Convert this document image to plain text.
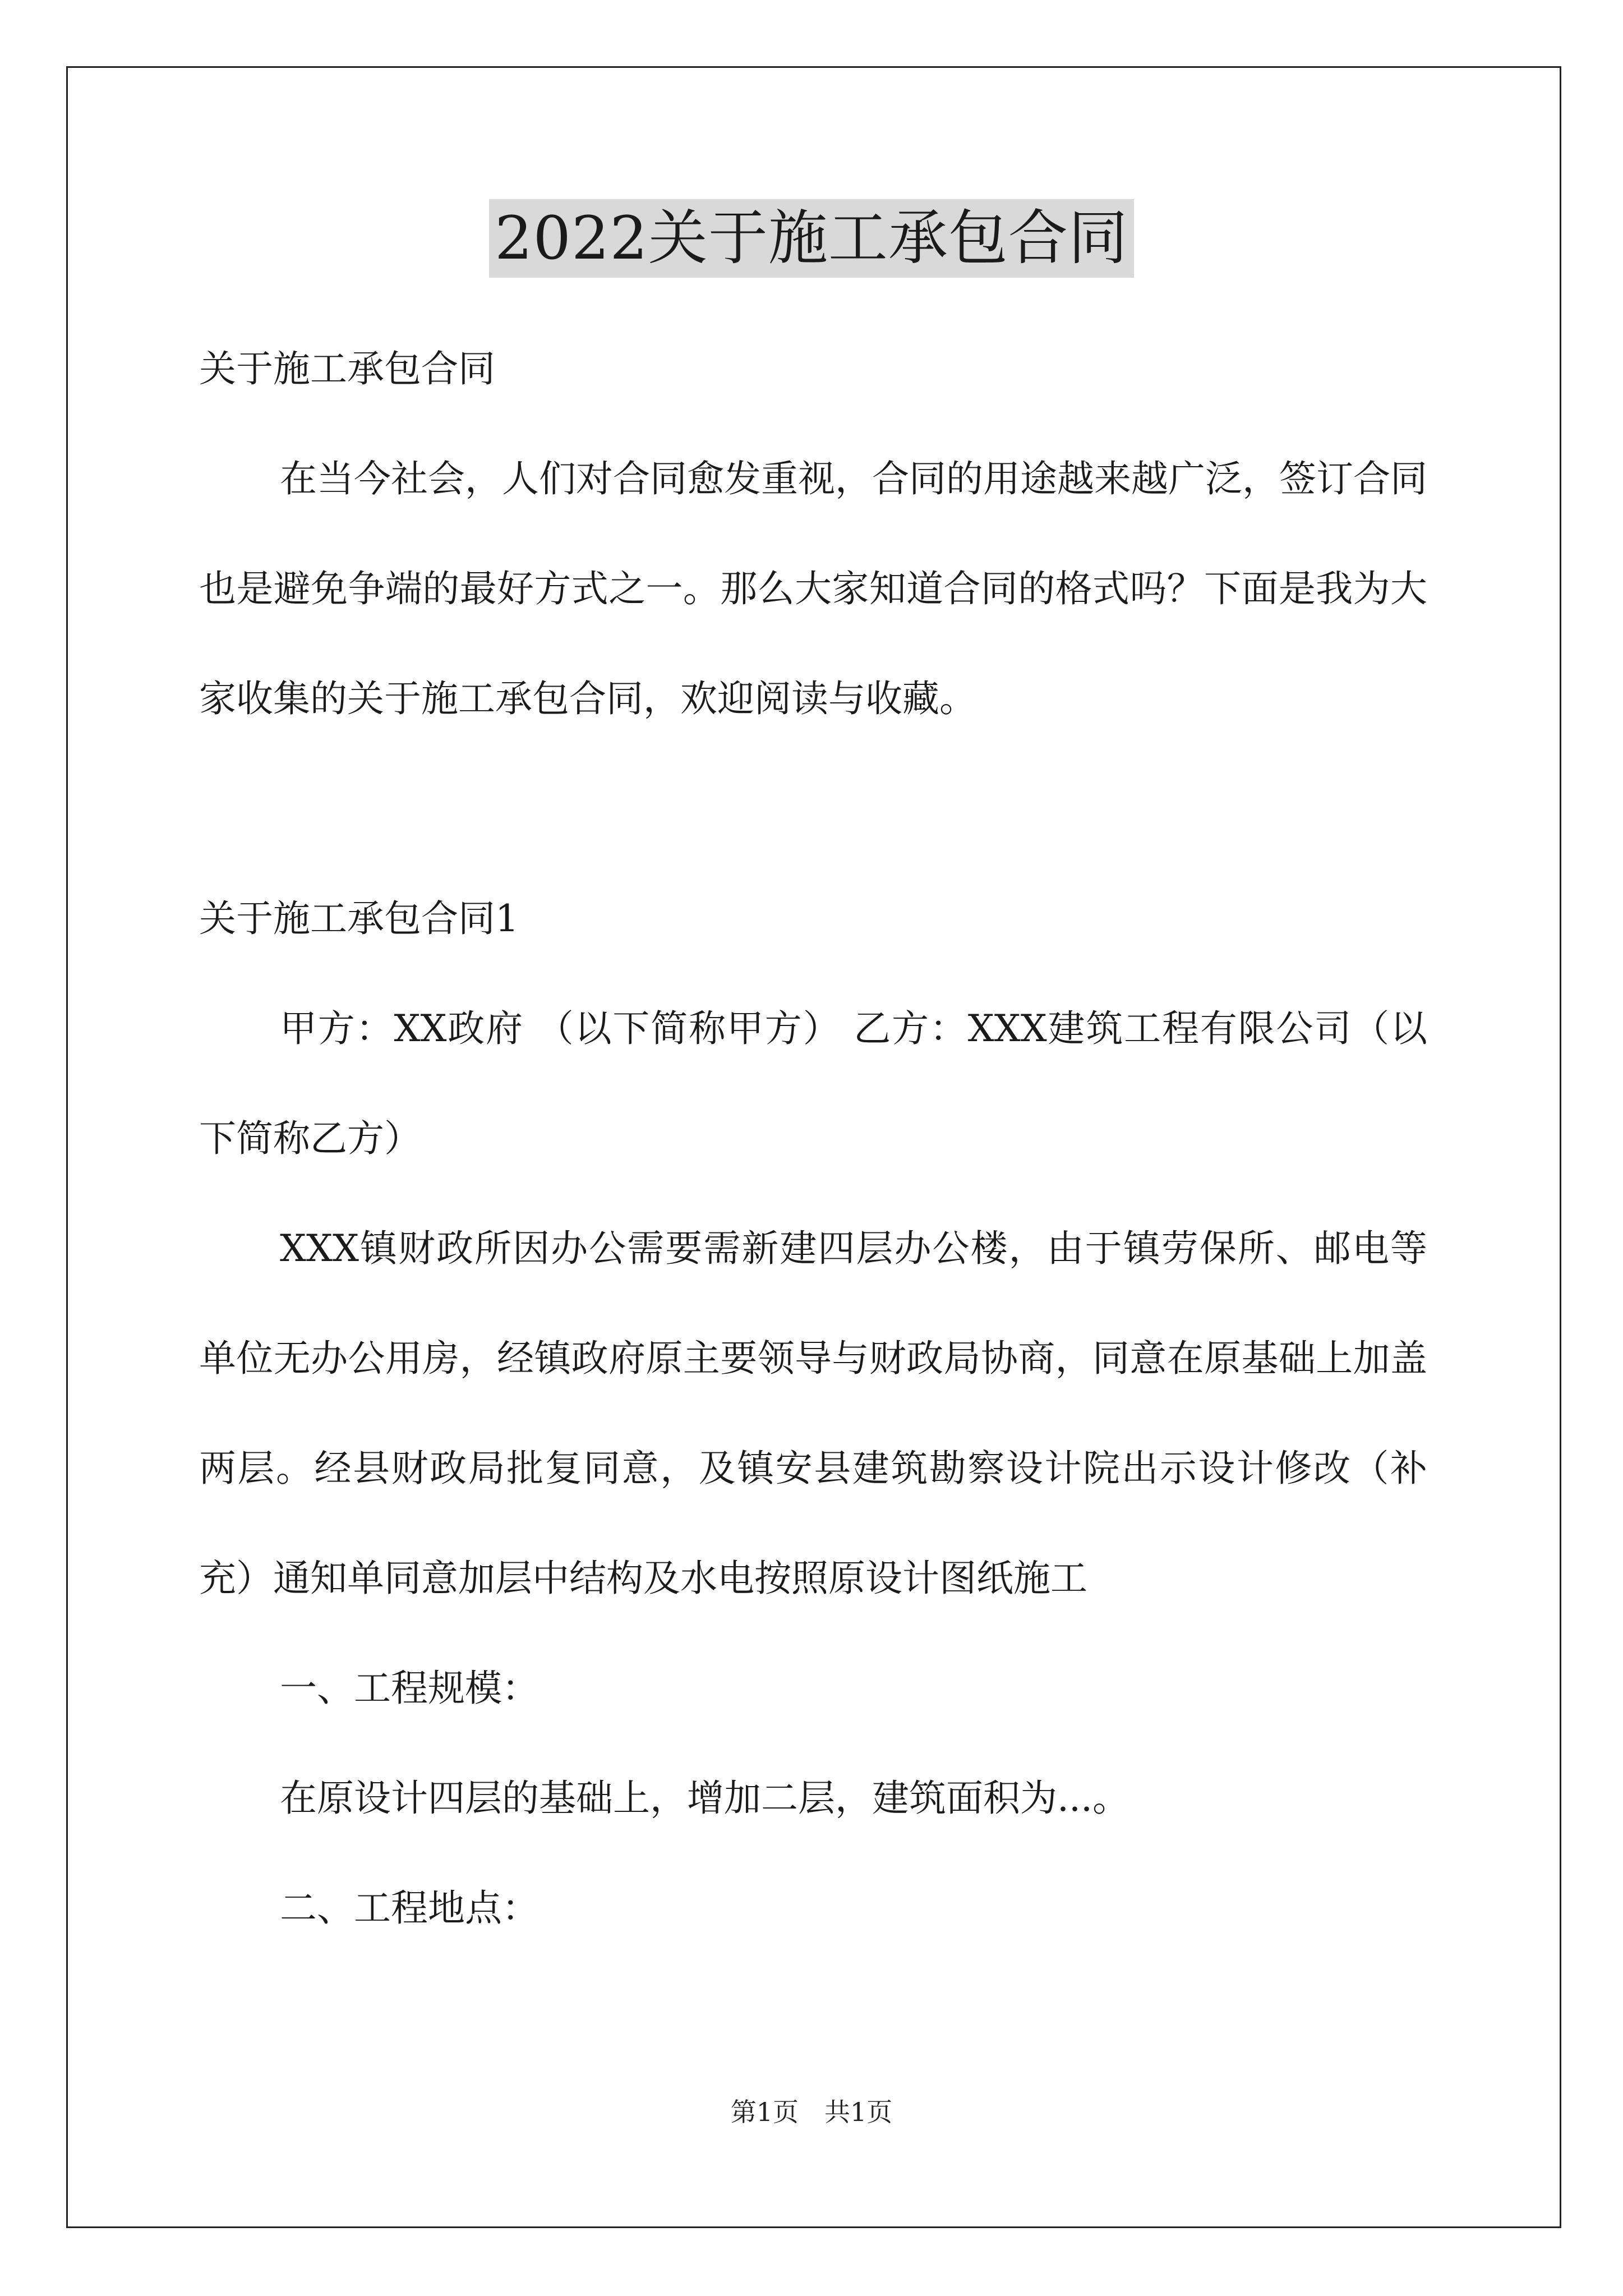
2022关于施工承包合同

关于施工承包合同

在当今社会，人们对合同愈发重视，合同的用途越来越广泛，签订合同也是避免争端的最好方式之一。那么大家知道合同的格式吗？下面是我为大家收集的关于施工承包合同，欢迎阅读与收藏。

关于施工承包合同1

甲方：XX政府 （以下简称甲方） 乙方：XXX建筑工程有限公司（以下简称乙方）

XXX镇财政所因办公需要需新建四层办公楼，由于镇劳保所、邮电等单位无办公用房，经镇政府原主要领导与财政局协商，同意在原基础上加盖两层。经县财政局批复同意，及镇安县建筑勘察设计院出示设计修改（补充）通知单同意加层中结构及水电按照原设计图纸施工

一、工程规模：

在原设计四层的基础上，增加二层，建筑面积为...。

二、工程地点：

第1页　共1页
